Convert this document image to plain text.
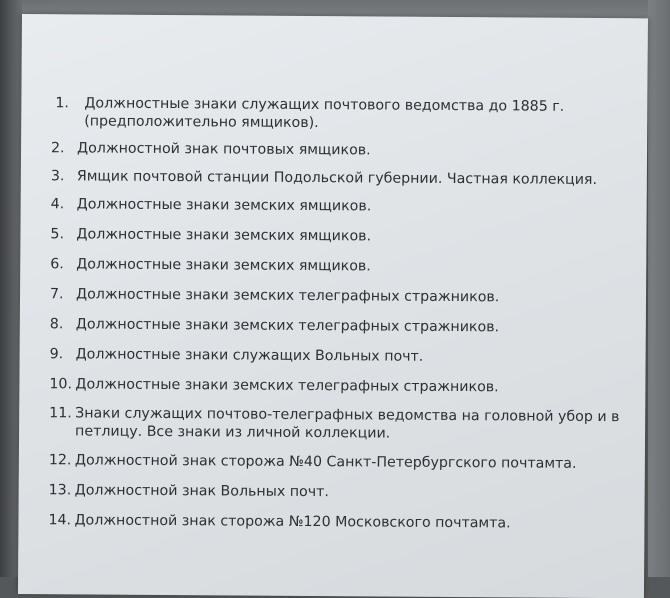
1.	Должностные знаки служащих почтового ведомства до 1885 г. (предположительно ямщиков).
2. Должностной знак почтовых ямщиков.
3. Ямщик почтовой станции Подольской губернии. Частная коллекция.
4. Должностные знаки земских ямщиков.
5. Должностные знаки земских ямщиков.
6. Должностные знаки земских ямщиков.
7. Должностные знаки земских телеграфных стражников.
8. Должностные знаки земских телеграфных стражников.
9. Должностные знаки служащих Вольных почт.
10. Должностные знаки земских телеграфных стражников.
11. Знаки служащих почтово-телеграфных ведомства на головной убор и в петлицу. Все знаки из личной коллекции.
12. Должностной знак сторожа №40 Санкт-Петербургского почтамта.
13. Должностной знак Вольных почт.
14. Должностной знак сторожа №120 Московского почтамта.
